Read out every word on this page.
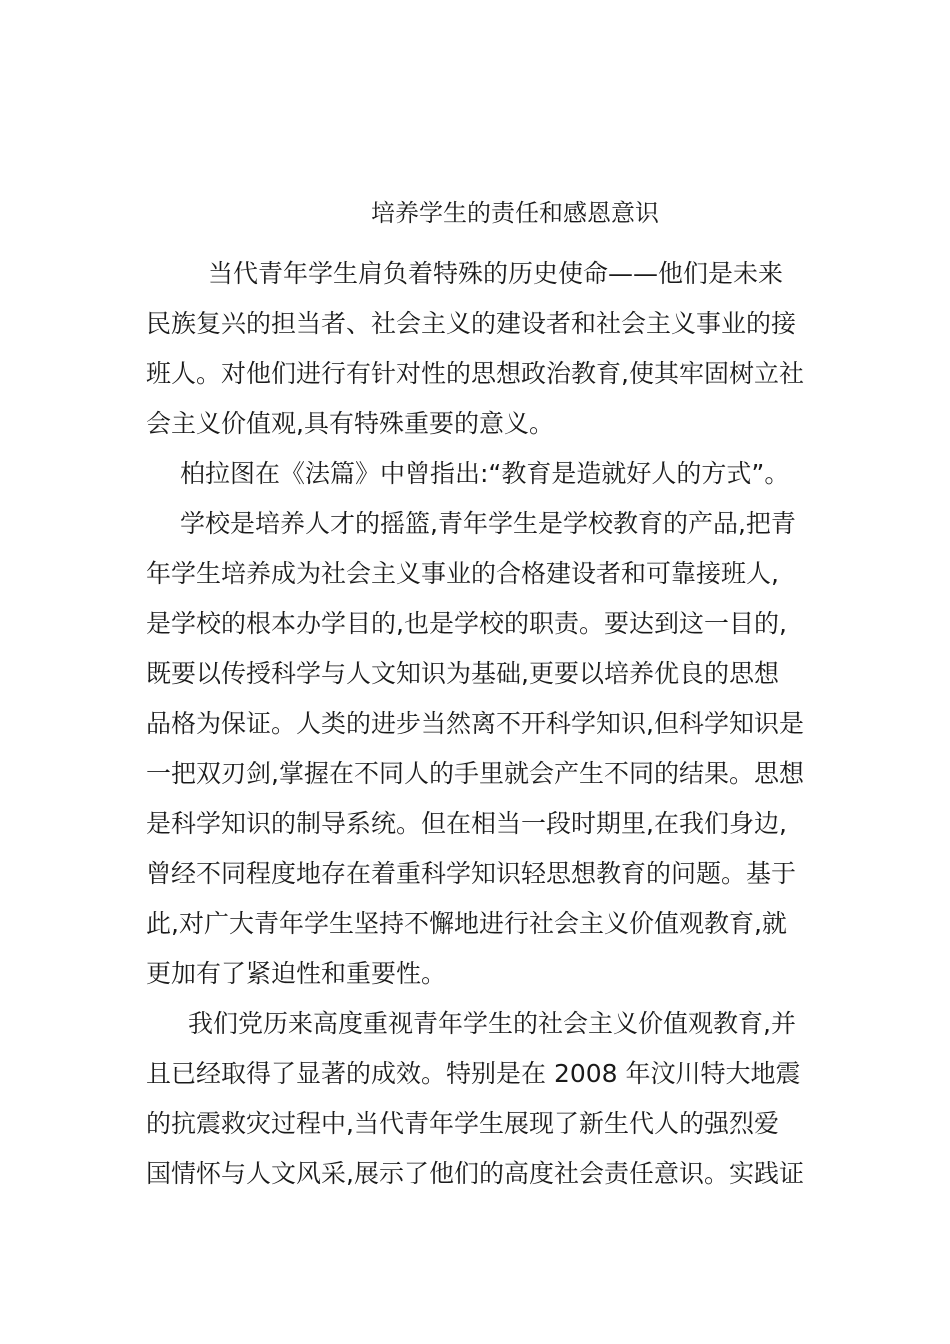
培养学生的责任和感恩意识
当代青年学生肩负着特殊的历史使命——他们是未来
民族复兴的担当者、社会主义的建设者和社会主义事业的接
班人。对他们进行有针对性的思想政治教育,使其牢固树立社
会主义价值观,具有特殊重要的意义。
柏拉图在《法篇》中曾指出:“教育是造就好人的方式”。
学校是培养人才的摇篮,青年学生是学校教育的产品,把青
年学生培养成为社会主义事业的合格建设者和可靠接班人,
是学校的根本办学目的,也是学校的职责。要达到这一目的,
既要以传授科学与人文知识为基础,更要以培养优良的思想
品格为保证。人类的进步当然离不开科学知识,但科学知识是
一把双刃剑,掌握在不同人的手里就会产生不同的结果。思想
是科学知识的制导系统。但在相当一段时期里,在我们身边,
曾经不同程度地存在着重科学知识轻思想教育的问题。基于
此,对广大青年学生坚持不懈地进行社会主义价值观教育,就
更加有了紧迫性和重要性。
我们党历来高度重视青年学生的社会主义价值观教育,并
且已经取得了显著的成效。特别是在 2008 年汶川特大地震
的抗震救灾过程中,当代青年学生展现了新生代人的强烈爱
国情怀与人文风采,展示了他们的高度社会责任意识。实践证
